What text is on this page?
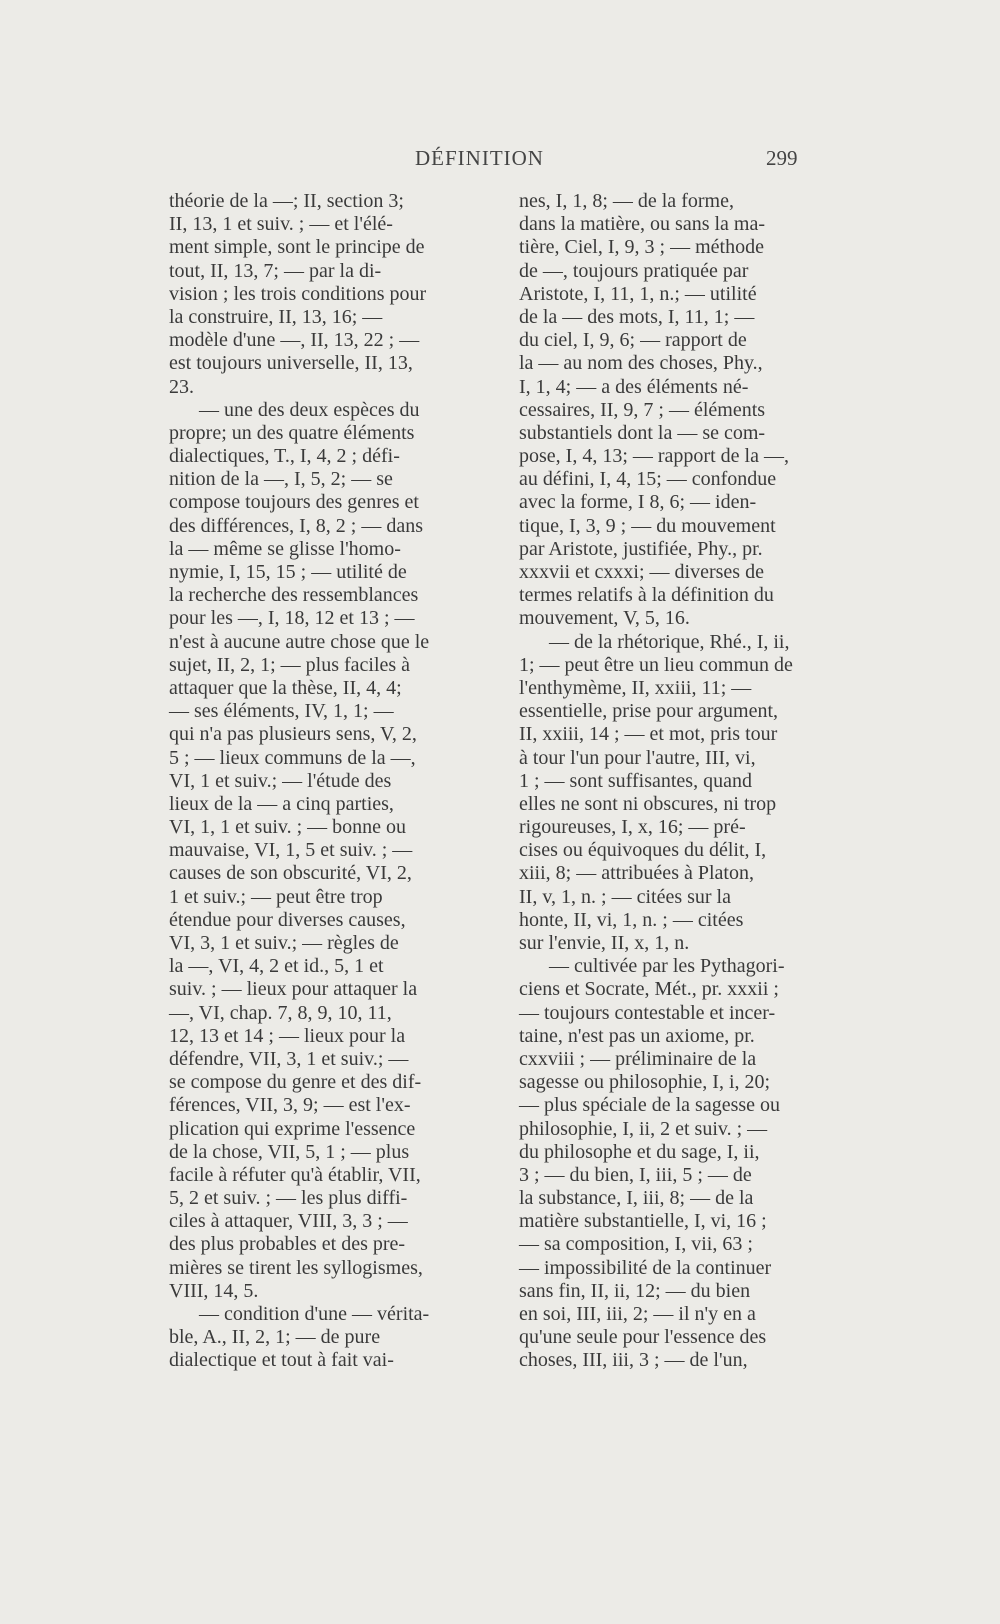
DÉFINITION	299
théorie de la —; II, section 3;
II, 13, 1 et suiv. ; — et l'élé-
ment simple, sont le principe de
tout, II, 13, 7; — par la di-
vision ; les trois conditions pour
la construire, II, 13, 16; —
modèle d'une —, II, 13, 22 ; —
est toujours universelle, II, 13,
23.
— une des deux espèces du
propre; un des quatre éléments
dialectiques, T., I, 4, 2 ; défi-
nition de la —, I, 5, 2; — se
compose toujours des genres et
des différences, I, 8, 2 ; — dans
la — même se glisse l'homo-
nymie, I, 15, 15 ; — utilité de
la recherche des ressemblances
pour les —, I, 18, 12 et 13 ; —
n'est à aucune autre chose que le
sujet, II, 2, 1; — plus faciles à
attaquer que la thèse, II, 4, 4;
— ses éléments, IV, 1, 1; —
qui n'a pas plusieurs sens, V, 2,
5 ; — lieux communs de la —,
VI, 1 et suiv.; — l'étude des
lieux de la — a cinq parties,
VI, 1, 1 et suiv. ; — bonne ou
mauvaise, VI, 1, 5 et suiv. ; —
causes de son obscurité, VI, 2,
1 et suiv.; — peut être trop
étendue pour diverses causes,
VI, 3, 1 et suiv.; — règles de
la —, VI, 4, 2 et id., 5, 1 et
suiv. ; — lieux pour attaquer la
—, VI, chap. 7, 8, 9, 10, 11,
12, 13 et 14 ; — lieux pour la
défendre, VII, 3, 1 et suiv.; —
se compose du genre et des dif-
férences, VII, 3, 9; — est l'ex-
plication qui exprime l'essence
de la chose, VII, 5, 1 ; — plus
facile à réfuter qu'à établir, VII,
5, 2 et suiv. ; — les plus diffi-
ciles à attaquer, VIII, 3, 3 ; —
des plus probables et des pre-
mières se tirent les syllogismes,
VIII, 14, 5.
— condition d'une — vérita-
ble, A., II, 2, 1; — de pure
dialectique et tout à fait vai-
nes, I, 1, 8; — de la forme,
dans la matière, ou sans la ma-
tière, Ciel, I, 9, 3 ; — méthode
de —, toujours pratiquée par
Aristote, I, 11, 1, n.; — utilité
de la — des mots, I, 11, 1; —
du ciel, I, 9, 6; — rapport de
la — au nom des choses, Phy.,
I, 1, 4; — a des éléments né-
cessaires, II, 9, 7 ; — éléments
substantiels dont la — se com-
pose, I, 4, 13; — rapport de la —,
au défini, I, 4, 15; — confondue
avec la forme, I 8, 6; — iden-
tique, I, 3, 9 ; — du mouvement
par Aristote, justifiée, Phy., pr.
xxxvii et cxxxi; — diverses de
termes relatifs à la définition du
mouvement, V, 5, 16.
— de la rhétorique, Rhé., I, ii,
1; — peut être un lieu commun de
l'enthymème, II, xxiii, 11; —
essentielle, prise pour argument,
II, xxiii, 14 ; — et mot, pris tour
à tour l'un pour l'autre, III, vi,
1 ; — sont suffisantes, quand
elles ne sont ni obscures, ni trop
rigoureuses, I, x, 16; — pré-
cises ou équivoques du délit, I,
xiii, 8; — attribuées à Platon,
II, v, 1, n. ; — citées sur la
honte, II, vi, 1, n. ; — citées
sur l'envie, II, x, 1, n.
— cultivée par les Pythagori-
ciens et Socrate, Mét., pr. xxxii ;
— toujours contestable et incer-
taine, n'est pas un axiome, pr.
cxxviii ; — préliminaire de la
sagesse ou philosophie, I, i, 20;
— plus spéciale de la sagesse ou
philosophie, I, ii, 2 et suiv. ; —
du philosophe et du sage, I, ii,
3 ; — du bien, I, iii, 5 ; — de
la substance, I, iii, 8; — de la
matière substantielle, I, vi, 16 ;
— sa composition, I, vii, 63 ;
— impossibilité de la continuer
sans fin, II, ii, 12; — du bien
en soi, III, iii, 2; — il n'y en a
qu'une seule pour l'essence des
choses, III, iii, 3 ; — de l'un,
